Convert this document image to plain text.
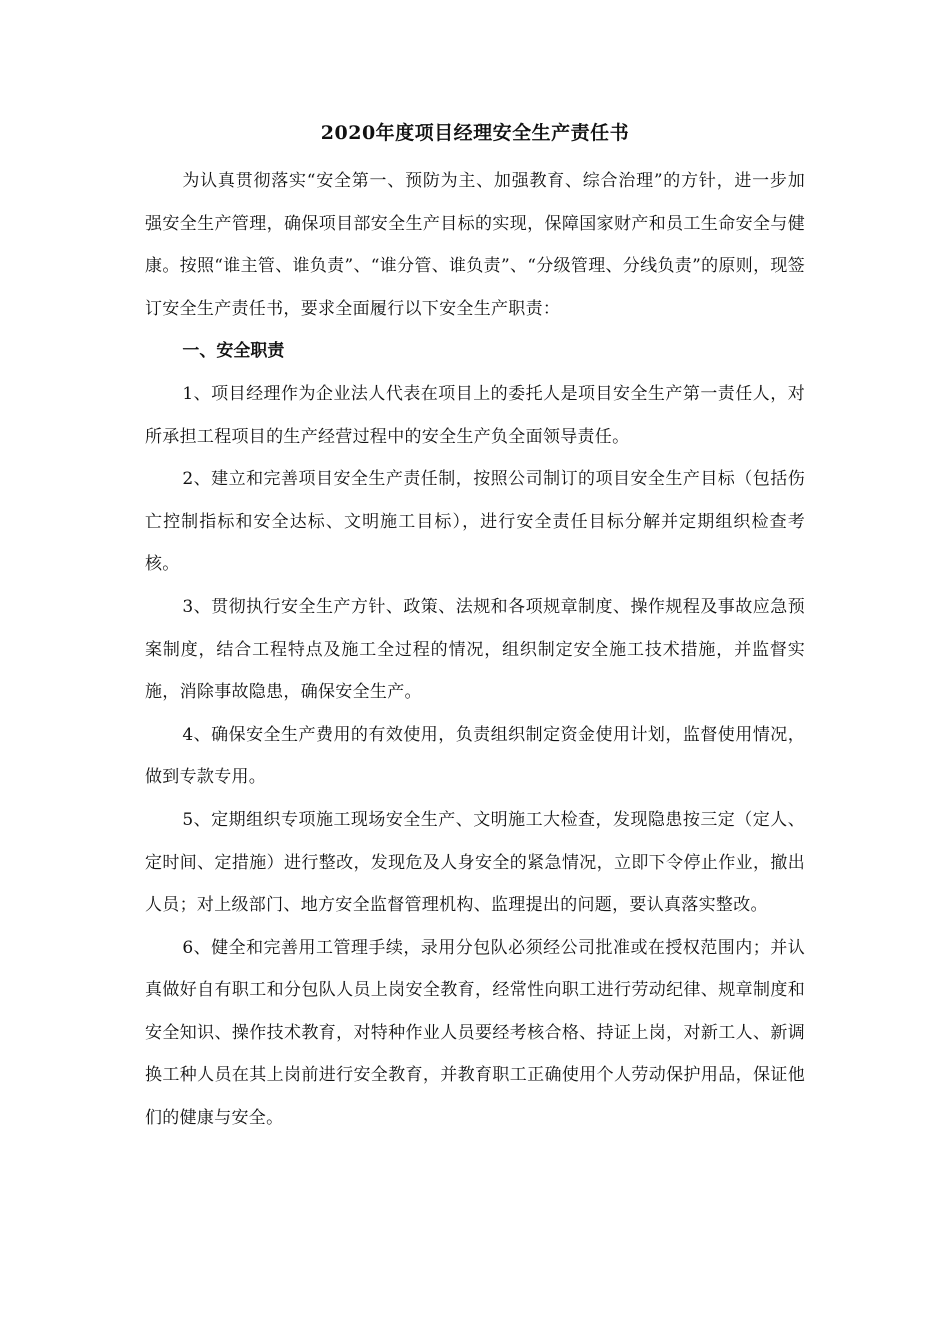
2020年度项目经理安全生产责任书

为认真贯彻落实“安全第一、预防为主、加强教育、综合治理”的方针，进一步加强安全生产管理，确保项目部安全生产目标的实现，保障国家财产和员工生命安全与健康。按照“谁主管、谁负责”、“谁分管、谁负责”、“分级管理、分线负责”的原则，现签订安全生产责任书，要求全面履行以下安全生产职责：

一、安全职责

1、项目经理作为企业法人代表在项目上的委托人是项目安全生产第一责任人，对所承担工程项目的生产经营过程中的安全生产负全面领导责任。

2、建立和完善项目安全生产责任制，按照公司制订的项目安全生产目标（包括伤亡控制指标和安全达标、文明施工目标），进行安全责任目标分解并定期组织检查考核。

3、贯彻执行安全生产方针、政策、法规和各项规章制度、操作规程及事故应急预案制度，结合工程特点及施工全过程的情况，组织制定安全施工技术措施，并监督实施，消除事故隐患，确保安全生产。

4、确保安全生产费用的有效使用，负责组织制定资金使用计划，监督使用情况，做到专款专用。

5、定期组织专项施工现场安全生产、文明施工大检查，发现隐患按三定（定人、定时间、定措施）进行整改，发现危及人身安全的紧急情况，立即下令停止作业，撤出人员；对上级部门、地方安全监督管理机构、监理提出的问题，要认真落实整改。

6、健全和完善用工管理手续，录用分包队必须经公司批准或在授权范围内；并认真做好自有职工和分包队人员上岗安全教育，经常性向职工进行劳动纪律、规章制度和安全知识、操作技术教育，对特种作业人员要经考核合格、持证上岗，对新工人、新调换工种人员在其上岗前进行安全教育，并教育职工正确使用个人劳动保护用品，保证他们的健康与安全。
